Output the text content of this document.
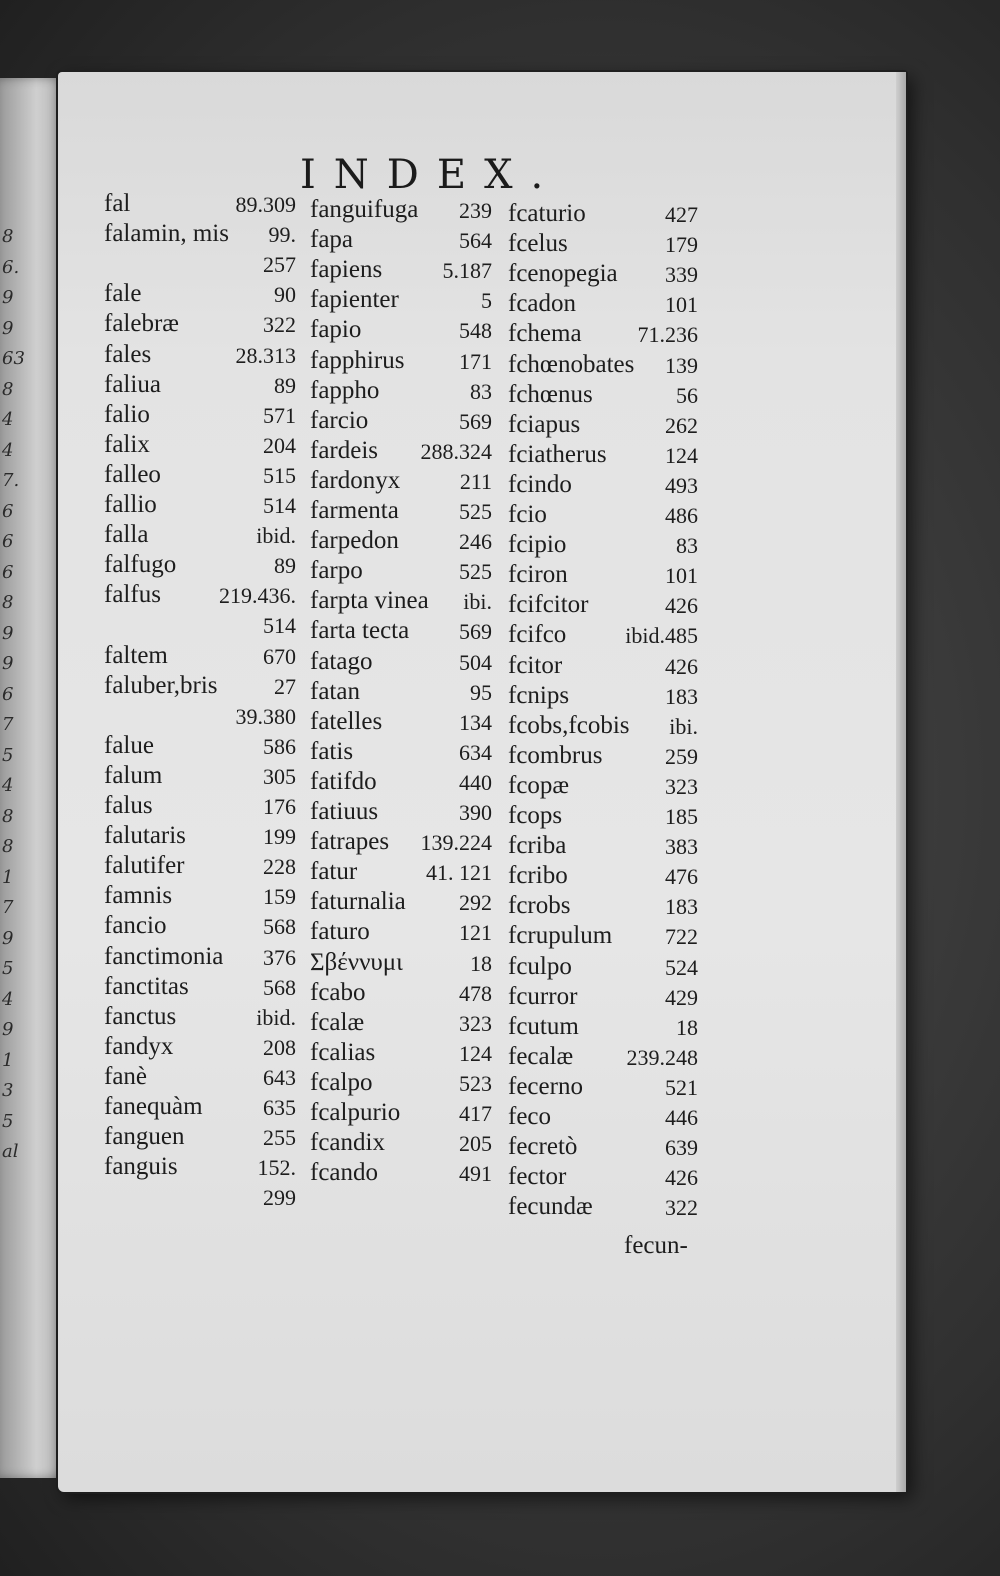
8
6.
9
9
63
8
4
4
7.
6
6
6
8
9
9
6
7
5
4
8
8
1
7
9
5
4
9
1
3
5
al
INDEX.
fal	89.309
falamin, mis 99.
257
fale	90
falebræ	322
fales	28.313
faliua	89
falio	571
falix	204
falleo	515
fallio	514
falla	ibid.
falfugo	89
falfus	219.436.
514
faltem	670
faluber,bris	27
39.380
falue	586
falum	305
falus	176
falutaris	199
falutifer	228
famnis	159
fancio	568
fanctimonia 376
fanctitas	568
fanctus	ibid.
fandyx	208
fanè	643
fanequàm	635
fanguen	255
fanguis	152.
299
fanguifuga 239
fapa	564
fapiens	5.187
fapienter	5
fapio	548
fapphirus 171
fappho	83
farcio	569
fardeis 288.324
fardonyx	211
farmenta	525
farpedon	246
farpo	525
farpta vinea ibi.
farta tecta 569
fatago	504
fatan	95
fatelles	134
fatis	634
fatifdo	440
fatiuus	390
fatrapes 139.224
fatur	41. 121
faturnalia 292
faturo	121
Σβέννυμι	18
fcabo	478
fcalæ	323
fcalias	124
fcalpo	523
fcalpurio	417
fcandix	205
fcando	491
fcaturio	427
fcelus	179
fcenopegia 339
fcadon	101
fchema	71.236
fchœnobates 139
fchœnus	56
fciapus	262
fciatherus	124
fcindo	493
fcio	486
fcipio	83
fciron	101
fcifcitor	426
fcifco	ibid.485
fcitor	426
fcnips	183
fcobs,fcobis ibi.
fcombrus	259
fcopæ	323
fcops	185
fcriba	383
fcribo	476
fcrobs	183
fcrupulum 722
fculpo	524
fcurror	429
fcutum	18
fecalæ 239.248
fecerno	521
feco	446
fecretò	639
fector	426
fecundæ	322
fecun-
